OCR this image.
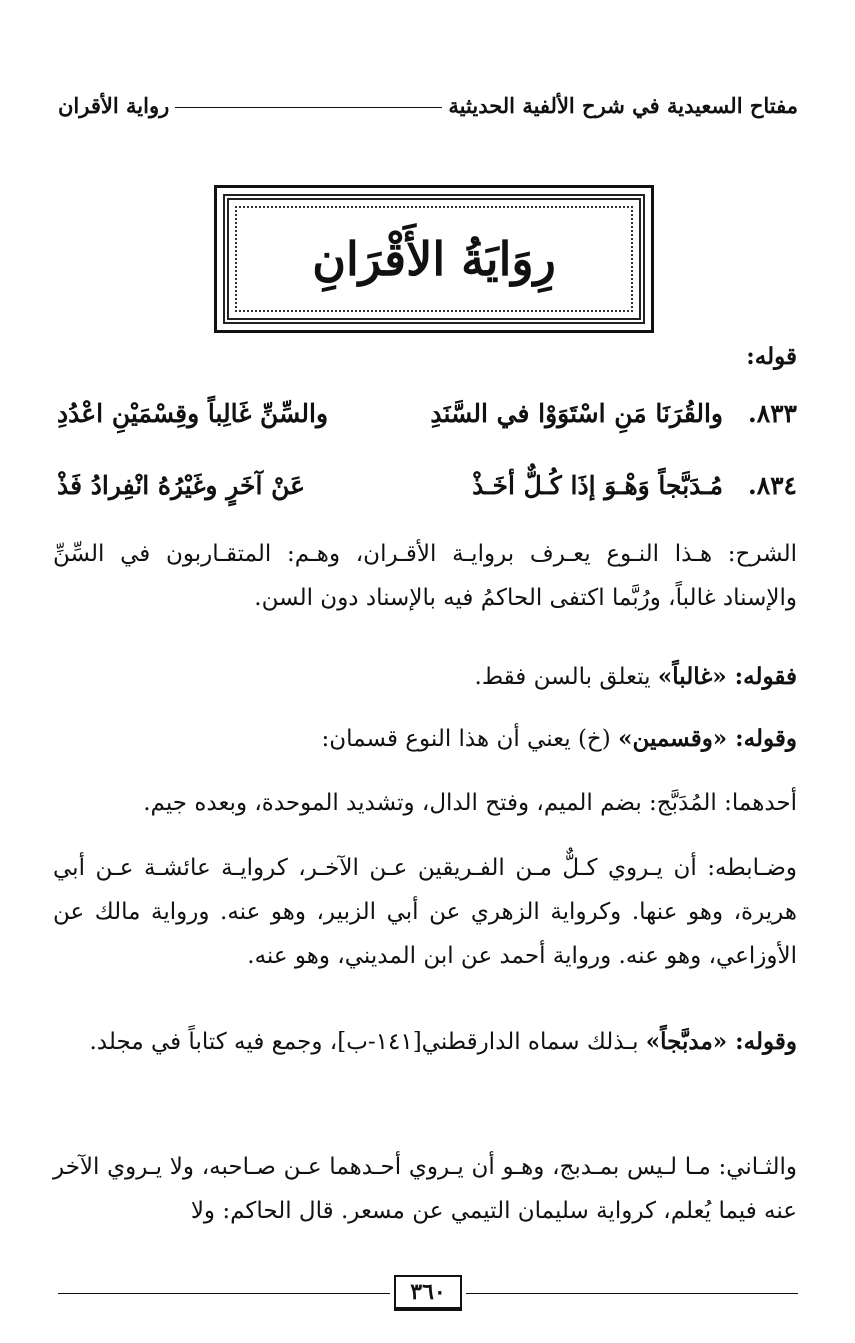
مفتاح السعيدية في شرح الألفية الحديثية
رواية الأقران
رِوَايَةُ الأَقْرَانِ
قوله:
٨٣٣.
والقُرَنَا مَنِ اسْتَوَوْا في السَّنَدِ
والسِّنِّ غَالِباً وقِسْمَيْنِ اعْدُدِ
٨٣٤.
مُـدَبَّجاً وَهْـوَ إذَا كُـلٌّ أخَـذْ
عَنْ آخَرٍ وغَيْرُهُ انْفِرادُ فَذْ
الشرح: هـذا النـوع يعـرف بروايـة الأقـران، وهـم: المتقـاربون في السِّنِّ والإسناد غالباً، ورُبَّما اكتفى الحاكمُ فيه بالإسناد دون السن.
فقوله: «غالباً» يتعلق بالسن فقط.
وقوله: «وقسمين» (خ) يعني أن هذا النوع قسمان:
أحدهما: المُدَبَّج: بضم الميم، وفتح الدال، وتشديد الموحدة، وبعده جيم.
وضـابطه: أن يـروي كـلٌّ مـن الفـريقين عـن الآخـر، كروايـة عائشـة عـن أبي هريرة، وهو عنها. وكرواية الزهري عن أبي الزبير، وهو عنه. ورواية مالك عن الأوزاعي، وهو عنه. ورواية أحمد عن ابن المديني، وهو عنه.
وقوله: «مدبَّجاً» بـذلك سماه الدارقطني[١٤١-ب]، وجمع فيه كتاباً في مجلد.
والثـاني: مـا لـيس بمـدبج، وهـو أن يـروي أحـدهما عـن صـاحبه، ولا يـروي الآخر عنه فيما يُعلم، كرواية سليمان التيمي عن مسعر. قال الحاكم: ولا
٣٦٠
